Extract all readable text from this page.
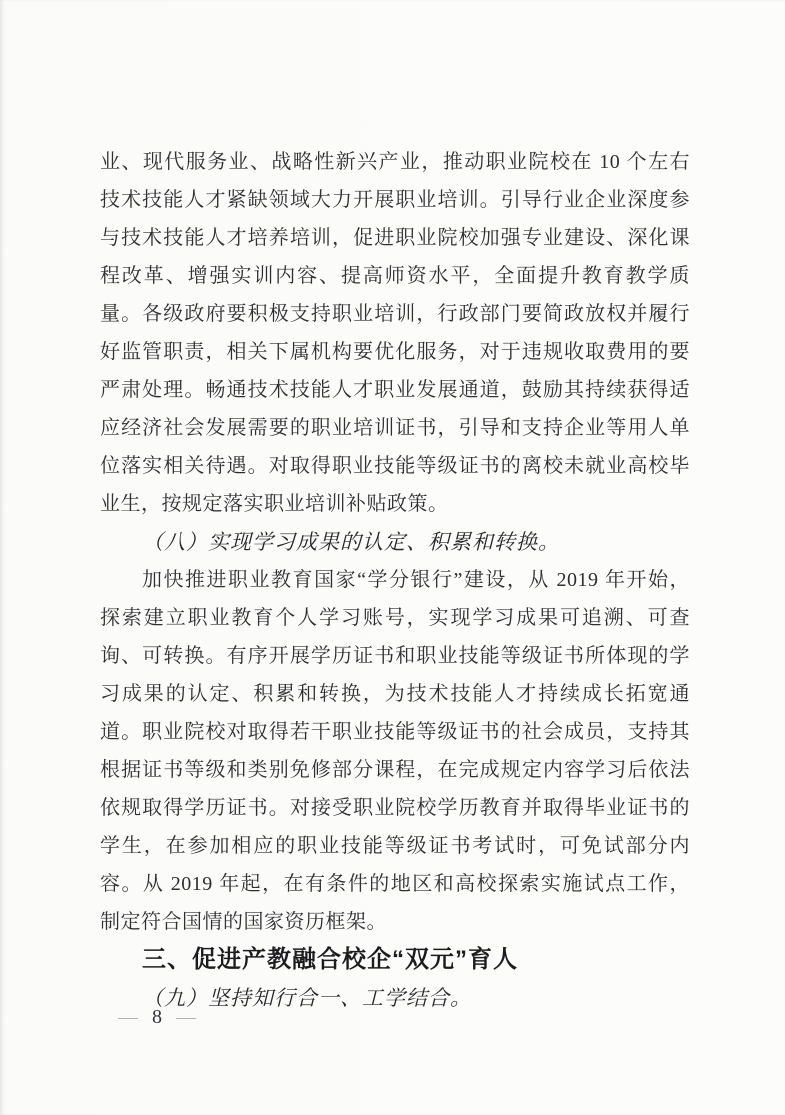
业、现代服务业、战略性新兴产业，推动职业院校在 10 个左右
技术技能人才紧缺领域大力开展职业培训。引导行业企业深度参
与技术技能人才培养培训，促进职业院校加强专业建设、深化课
程改革、增强实训内容、提高师资水平，全面提升教育教学质
量。各级政府要积极支持职业培训，行政部门要简政放权并履行
好监管职责，相关下属机构要优化服务，对于违规收取费用的要
严肃处理。畅通技术技能人才职业发展通道，鼓励其持续获得适
应经济社会发展需要的职业培训证书，引导和支持企业等用人单
位落实相关待遇。对取得职业技能等级证书的离校未就业高校毕
业生，按规定落实职业培训补贴政策。
（八）实现学习成果的认定、积累和转换。
加快推进职业教育国家“学分银行”建设，从 2019 年开始，
探索建立职业教育个人学习账号，实现学习成果可追溯、可查
询、可转换。有序开展学历证书和职业技能等级证书所体现的学
习成果的认定、积累和转换，为技术技能人才持续成长拓宽通
道。职业院校对取得若干职业技能等级证书的社会成员，支持其
根据证书等级和类别免修部分课程，在完成规定内容学习后依法
依规取得学历证书。对接受职业院校学历教育并取得毕业证书的
学生，在参加相应的职业技能等级证书考试时，可免试部分内
容。从 2019 年起，在有条件的地区和高校探索实施试点工作，
制定符合国情的国家资历框架。
三、促进产教融合校企“双元”育人
（九）坚持知行合一、工学结合。
— 8 —
